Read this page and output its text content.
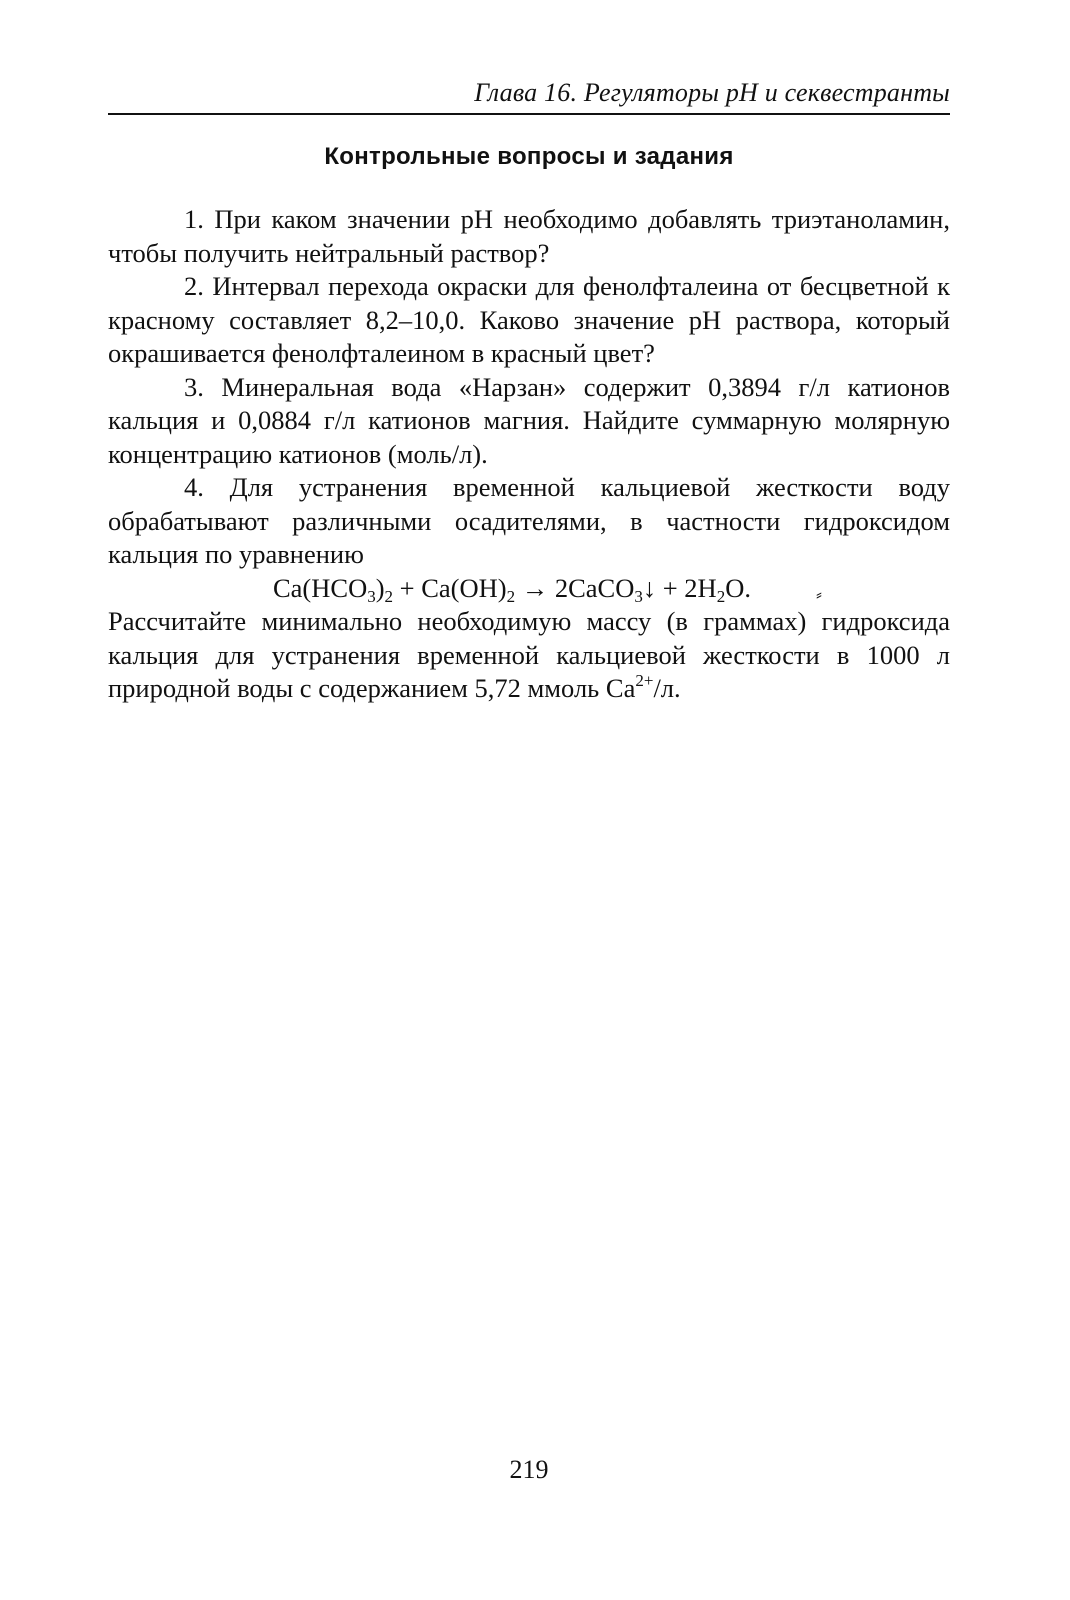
Глава 16. Регуляторы pH и секвестранты
Контрольные вопросы и задания

1. При каком значении pH необходимо добавлять триэтаноламин, чтобы получить нейтральный раствор?

2. Интервал перехода окраски для фенолфталеина от бесцветной к красному составляет 8,2–10,0. Каково значение pH раствора, который окрашивается фенолфталеином в красный цвет?

3. Минеральная вода «Нарзан» содержит 0,3894 г/л катионов кальция и 0,0884 г/л катионов магния. Найдите суммарную молярную концентрацию катионов (моль/л).

4. Для устранения временной кальциевой жесткости воду обрабатывают различными осадителями, в частности гидроксидом кальция по уравнению

$Ca(HCO_3)_2 + Ca(OH)_2$ → 2CaCO$_3$↓ + $2H_2O$.	⸗

Рассчитайте минимально необходимую массу (в граммах) гидроксида кальция для устранения временной кальциевой жесткости в 1000 л природной воды с содержанием 5,72 ммоль $Ca^{2+}/л$.

219
